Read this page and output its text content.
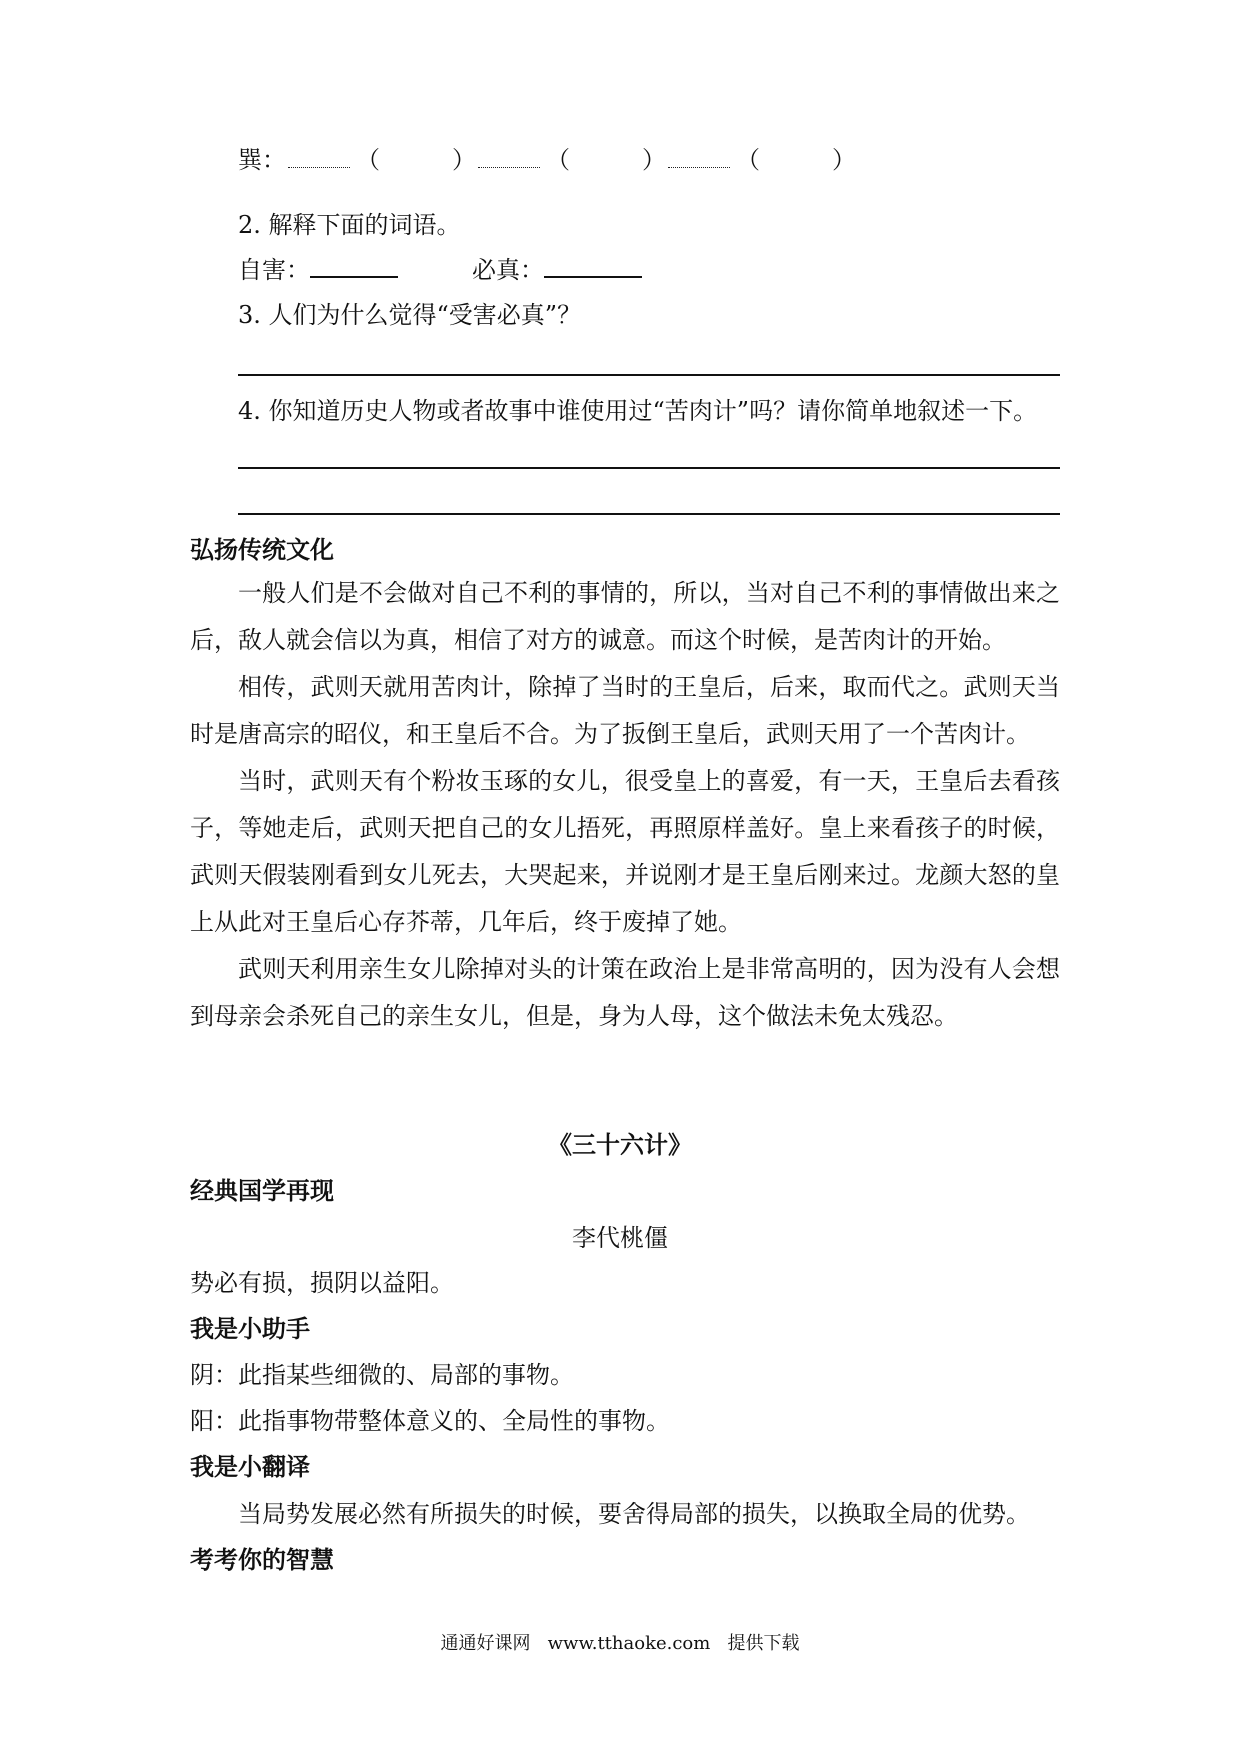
巽：	（	）	（	）	（	）
2. 解释下面的词语。
自害：	必真：
3. 人们为什么觉得“受害必真”？
4. 你知道历史人物或者故事中谁使用过“苦肉计”吗？请你简单地叙述一下。
弘扬传统文化
一般人们是不会做对自己不利的事情的，所以，当对自己不利的事情做出来之后，敌人就会信以为真，相信了对方的诚意。而这个时候，是苦肉计的开始。
相传，武则天就用苦肉计，除掉了当时的王皇后，后来，取而代之。武则天当时是唐高宗的昭仪，和王皇后不合。为了扳倒王皇后，武则天用了一个苦肉计。
当时，武则天有个粉妆玉琢的女儿，很受皇上的喜爱，有一天，王皇后去看孩子，等她走后，武则天把自己的女儿捂死，再照原样盖好。皇上来看孩子的时候，武则天假装刚看到女儿死去，大哭起来，并说刚才是王皇后刚来过。龙颜大怒的皇上从此对王皇后心存芥蒂，几年后，终于废掉了她。
武则天利用亲生女儿除掉对头的计策在政治上是非常高明的，因为没有人会想到母亲会杀死自己的亲生女儿，但是，身为人母，这个做法未免太残忍。
《三十六计》
经典国学再现
李代桃僵
势必有损，损阴以益阳。
我是小助手
阴：此指某些细微的、局部的事物。
阳：此指事物带整体意义的、全局性的事物。
我是小翻译
当局势发展必然有所损失的时候，要舍得局部的损失，以换取全局的优势。
考考你的智慧
通通好课网   www.tthaoke.com   提供下载
